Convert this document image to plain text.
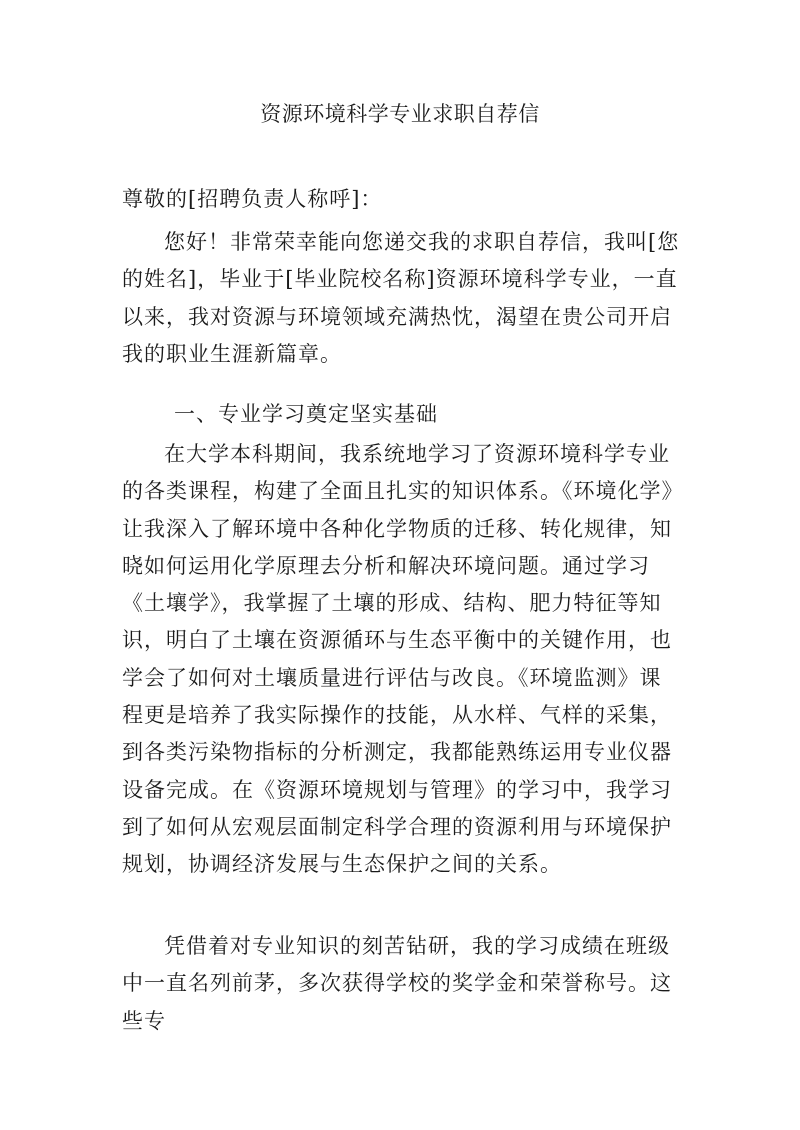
资源环境科学专业求职自荐信

尊敬的[招聘负责人称呼]：

您好！非常荣幸能向您递交我的求职自荐信，我叫[您的姓名]，毕业于[毕业院校名称]资源环境科学专业，一直以来，我对资源与环境领域充满热忱，渴望在贵公司开启我的职业生涯新篇章。

一、专业学习奠定坚实基础

在大学本科期间，我系统地学习了资源环境科学专业的各类课程，构建了全面且扎实的知识体系。《环境化学》让我深入了解环境中各种化学物质的迁移、转化规律，知晓如何运用化学原理去分析和解决环境问题。通过学习《土壤学》，我掌握了土壤的形成、结构、肥力特征等知识，明白了土壤在资源循环与生态平衡中的关键作用，也学会了如何对土壤质量进行评估与改良。《环境监测》课程更是培养了我实际操作的技能，从水样、气样的采集，到各类污染物指标的分析测定，我都能熟练运用专业仪器设备完成。在《资源环境规划与管理》的学习中，我学习到了如何从宏观层面制定科学合理的资源利用与环境保护规划，协调经济发展与生态保护之间的关系。

凭借着对专业知识的刻苦钻研，我的学习成绩在班级中一直名列前茅，多次获得学校的奖学金和荣誉称号。这些专
